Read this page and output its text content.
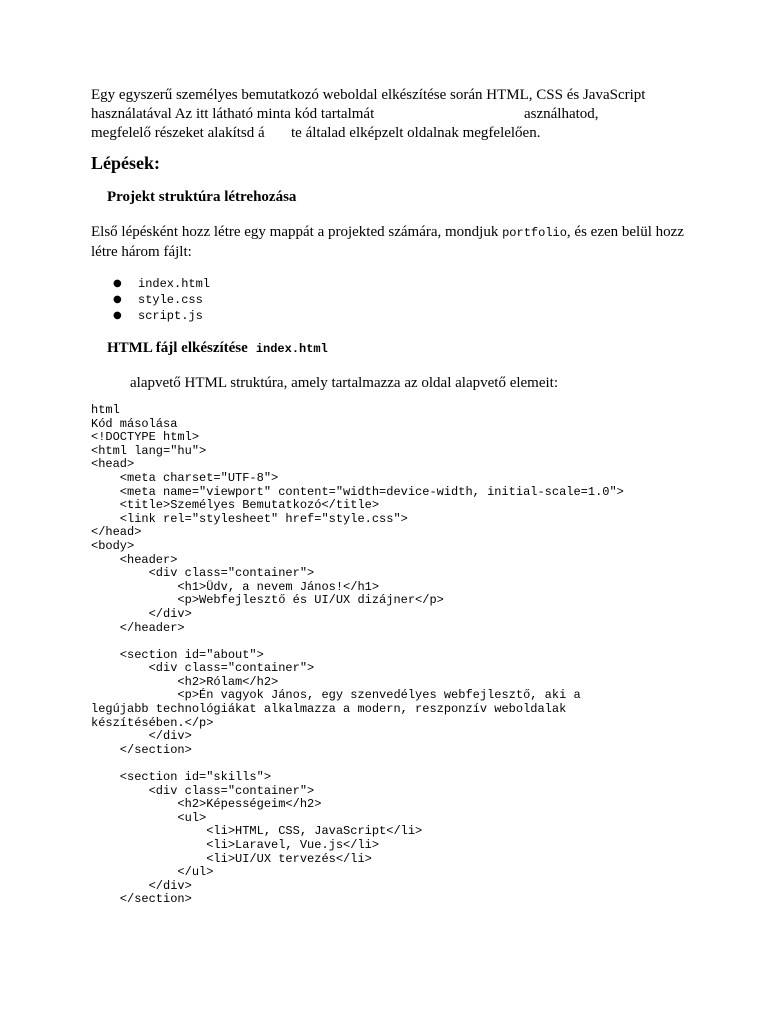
Egy egyszerű személyes bemutatkozó weboldal elkészítése során HTML, CSS és JavaScript
használatával Az itt látható minta kód tartalmát	asználhatod,
megfelelő részeket alakítsd á te általad elképzelt oldalnak megfelelően.
Lépések:
Projekt struktúra létrehozása
Első lépésként hozz létre egy mappát a projekted számára, mondjuk portfolio, és ezen belül hozz létre három fájlt:
● index.html
● style.css
● script.js
HTML fájl elkészítése index.html
alapvető HTML struktúra, amely tartalmazza az oldal alapvető elemeit:
html
Kód másolása
<!DOCTYPE html>
<html lang="hu">
<head>
<meta charset="UTF-8">
<meta name="viewport" content="width=device-width, initial-scale=1.0">
<title>Személyes Bemutatkozó</title>
<link rel="stylesheet" href="style.css">
</head>
<body>
<header>
<div class="container">
<h1>Üdv, a nevem János!</h1>
<p>Webfejlesztő és UI/UX dizájner</p>
</div>
</header>

<section id="about">
<div class="container">
<h2>Rólam</h2>
<p>Én vagyok János, egy szenvedélyes webfejlesztő, aki a
legújabb technológiákat alkalmazza a modern, reszponzív weboldalak
készítésében.</p>
</div>
</section>

<section id="skills">
<div class="container">
<h2>Képességeim</h2>
<ul>
<li>HTML, CSS, JavaScript</li>
<li>Laravel, Vue.js</li>
<li>UI/UX tervezés</li>
</ul>
</div>
</section>
